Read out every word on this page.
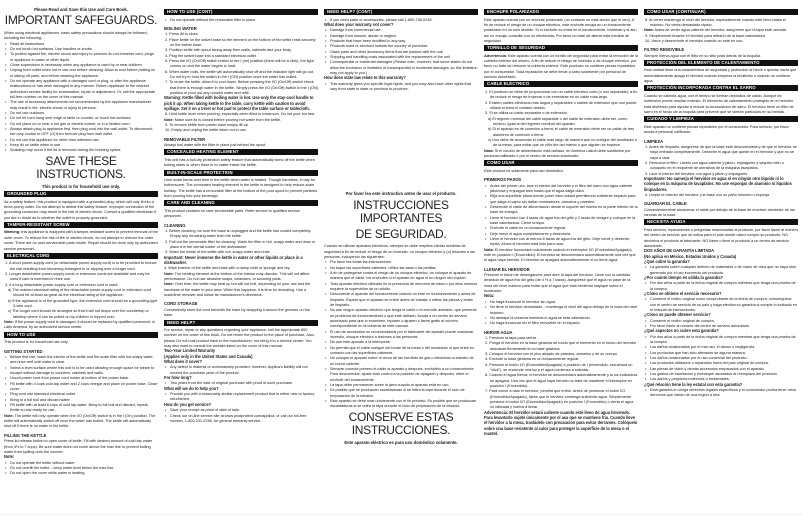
Please Read and Save this Use and Care Book.
IMPORTANT SAFEGUARDS.
When using electrical appliances, basic safety precautions should always be followed, including the following:
• Read all instructions.
• Do not touch hot surfaces. Use handles or knobs.
• To protect against fire, electric shock and injury to persons do not immerse cord, plugs or appliance in water or other liquid.
• Close supervision is necessary when any appliance is used by or near children.
• Unplug from outlet when not in use and before cleaning. Allow to cool before putting on or taking off parts, and before cleaning the appliance.
• Do not operate any appliance with a damaged cord or plug, or after the appliance malfunctions or has been damaged in any manner. Return appliance to the nearest authorized service facility for examination, repair or adjustment. Or, call the appropriate toll-free number on the cover of this manual.
• The use of accessory attachments not recommended by the appliance manufacturer may result in fire, electric shock or injury to persons.
• Do not use outdoors.
• Do not let cord hang over edge of table or counter, or touch hot surfaces.
• Do not place on or near a hot gas or electric burner, or in a heated oven.
• Always attach plug to appliance first, then plug cord into the wall outlet. To disconnect, turn any control to OFF (O) then remove plug from wall outlet.
• Do not use this appliance for other than intended use.
• Keep lid on kettle when in use.
• Scalding may occur if the lid is removed during the brewing cycles.
SAVE THESE INSTRUCTIONS.
This product is for household use only.
GROUNDED PLUG
As a safety feature, this product is equipped with a grounded plug, which will only fit into a three-prong outlet. Do not attempt to defeat this safety feature. Improper connection of the grounding conductor may result in the risk of electric shock. Consult a qualified electrician if you are in doubt as to whether the outlet is properly grounded.
TAMPER-RESISTANT SCREW
Warning: this appliance is equipped with a tamper-resistant screw to prevent removal of the outer cover. To reduce the risk of fire or electric shock, do not attempt to remove the outer cover. There are no user-serviceable parts inside. Repair should be done only by authorized service personnel.
ELECTRICAL CORD
1. A short power-supply cord (or detachable power-supply cord) is to be provided to reduce the risk resulting from becoming entangled in or tripping over a longer cord.
2. Longer detachable power-supply cords or extension cords are available and may be used if care is exercised in their use.
3. If a long detachable power-supply cord or extension cord is used:
a) The marked electrical rating of the detachable power-supply cord or extension cord should be at least as great as the electrical rating of the appliance.
b) If the appliance is of the grounded type, the extension cord should be a grounding-type 3-wire cord.
c) The longer cord should be arranged so that it will not drape over the countertop or tabletop where it can be pulled on by children or tripped over.
Note: If the power supply cord is damaged, it should be replaced by qualified personnel; in Latin America, by an authorized service center.
HOW TO USE
This product is for household use only.
GETTING STARTED
• Before first use, wash the interior of the kettle and the scale filter with hot soapy water and rinse well until water is clear.
• Select a level surface where this unit is to be used allowing enough space for steam to escape without damage to counters, cabinets and walls.
• Uncoil power cord from power cord holder at bottom of the power base.
• Fill kettle with 4 cups cold tap water and 2 cups vinegar and place on power base. Close cover.
• Plug cord into standard electrical outlet.
• Bring to a full boil and discard water.
• Fill kettle with at least 6 cups of cold tap water. Bring to full boil and discard; repeat. Kettle is now ready for use.
Note: The kettle will only operate when the I/O (On/Off) switch is in the I (On) position. The kettle will automatically switch off once the water has boiled. The kettle will automatically shut off if there is no water in the kettle.
FILLING THE KETTLE
Press lid release button to open cover of kettle. Fill with desired amount of cold tap water (from 4½ to 7 cups). Be sure water does not come above the max line to prevent boiling water from spilling onto the counter.
Note:
• Do not operate the kettle without water.
• Do not overfill the kettle – keep water level below the max line.
• Do not open the cover while water is heating.
HOW TO USE (CONT)
• Do not operate without the removable filter in place.
BOILING WATER
1. Press lid to close.
2. Place kettle on the swivel base so the element on the bottom of the kettle rests securely on the swivel base.
3. Position kettle with spout facing away from walls, cabinets and your body.
4. Plug the swivel base into a standard electrical outlet.
5. Press the I/O (On/Off) switch button to the I (on) position (there will be a click), the light comes on and the water begins to heat.
6. When water boils, the kettle will automatically shut off and the indicator light will go out. Do not try to hold the switch in the I (ON) position once the water has boiled.
7. To reuse the kettle, allow it to cool down. Before pressing the I/O (On/Off) switch check that there is enough water in the kettle. Simply press the I/O (On/Off) switch to the I (ON) position or pour out any unused water and refill.
Warning: Kettle filled with boiling water is hot. Use only the stay-cool handle to pick it up. When taking kettle to the table, carry kettle with caution to avoid spillage. Set it on a trivet or hot pad to protect the table surface or tablecloth.
8. Hold kettle level when pouring, especially when filled to maximum. Do not pour too fast.
Note: Make sure lid is closed before pouring hot water from the kettle.
9. To remove kettle from power base simply lift up.
10. Empty and unplug the kettle when not in use.
REMOVABLE FILTER
Always boil water with the filter in place just behind the spout.
CONCEALED HEATING ELEMENT
This unit has a boil-dry protection safety feature that automatically turns off the kettle when boiling starts or when there is no water inside the kettle.
BUILT-IN-SCALE PROTECTION
Lime scale forms over time in the kettle when water is heated. Though harmless, it may be bothersome. The concealed heating element in the kettle is designed to help reduce scale buildup. The kettle has a removable filter at the bottom of the pour spout to prevent particles from pouring into your beverage.
CARE AND CLEANING
This product contains no user serviceable parts. Refer service to qualified service personnel.
CLEANING
1. Before cleaning, be sure the base is unplugged and the kettle has cooled completely. Empty any remaining water from the kettle.
2. Pull out the removable filter for cleaning. Wash the filter in hot, soapy water and rinse or place it in the utensil holder of the dishwasher.
3. Wash the inside of the kettle with hot, soapy water and rinse.
Important: Never immerse the kettle in water or other liquids or place in a dishwasher.
4. Wipe exterior of the kettle and base with a damp cloth or sponge and dry.
Note: The heating element at the bottom of the interior may discolor. This will not affect performance. Do not use abrasive soaps, cleansers, or scouring pads.
Note: Over time, the kettle may heat up but will not boil, depending on your use and the hardness of the water in your area. When this happens, it is time for descaling. Use a scale/lime remover and follow its manufacturer's directions.
CORD STORAGE
Conveniently store the cord beneath the base by wrapping it around the grooves on the base.
NEED HELP?
For service, repair or any questions regarding your appliance, call the appropriate 800 number on the cover of this book. Do not return the product to the place of purchase. Also, please Do not mail product back to the manufacturer, nor bring it to a service center. You may also want to consult the website listed on the cover of this manual.
Two-Year Limited Warranty
(Applies only in the United States and Canada)
What does it cover?
• Any defect in material or workmanship provided; however, Applica's liability will not exceed the purchase price of the product.
For how long?
• Two years from the date of original purchase with proof of such purchase.
What will we do to help you?
• Provide you with a reasonably similar replacement product that is either new or factory refurbished.
How do you get service?
• Save your receipt as proof of date of sale.
• Check our on-line service site at www.prodprotect.com/applica, or call our toll-free number, 1-800-231-9786, for general warranty service.
NEED HELP? (CONT)
• If you need parts or accessories, please call 1-800-738-0245.
What does your warranty not cover?
• Damage from commercial use
• Damage from misuse, abuse or neglect
• Products that have been modified in any way
• Products used or serviced outside the country of purchase
• Glass parts and other accessory items that are packed with the unit
• Shipping and handling costs associated with the replacement of the unit
• Consequential or incidental damages (Please note, however, that some states do not allow the exclusion or limitation of consequential or incidental damages, so this limitation may not apply to you.)
How does state law relate to this warranty?
• This warranty gives you specific legal rights, and you may also have other rights that vary from state to state or province to province.
Por favor lea este instructivo antes de usar el producto.
INSTRUCCIONES IMPORTANTES
DE SEGURIDAD.
Cuando se utilizan aparatos eléctricos, siempre se debe respetar ciertas medidas de seguridad a fin de reducir el riesgo de un incendio, un choque eléctrico y (o) lesiones a las personas, incluyendo las siguientes:
• Por favor lea todas las instrucciones.
• No toque las superficies calientes. Utilice las asas o las perillas.
• A fin de protegerse contra el riesgo de un choque eléctrico, no coloque el aparato de manera que el cable, los enchufes ni el aparato en agua ni en ningún otro líquido.
• Todo aparato eléctrico utilizado en la presencia de menores de edad o por ellos mismos requiere la supervisión de un adulto.
• Desconecte el aparato del tomacorriente cuando no esté en funcionamiento y antes de limpiarlo. Espere que el aparato se enfríe antes de instalar o retirar las piezas y antes de limpiarlo.
• No use ningún aparato eléctrico que tenga el cable o el enchufe averiado, que presente un problema de funcionamiento o que esté dañado. Acuda a un centro de servicio autorizado para que lo examinen, reparen o ajusten o llame gratis al número correspondiente en la cubierta de este manual.
• El uso de accesorios no recomendados por el fabricante del aparato puede ocasionar incendio, choque eléctrico o lesiones a las personas.
• No use este aparato a la intemperie.
• No permita que el cable cuelgue del borde de la mesa o del mostrador ni que entre en contacto con las superficies calientes.
• No coloque el aparato sobre ni cerca de las hornillas de gas o eléctricas ni adentro de un horno caliente.
• Siempre conecte primero el cable al aparato y después, enchúfelo a un tomacorriente. Para desconectar, ajuste todo control a la posición de apagado y después, retire el enchufe del tomacorriente.
• La tapa debe permanecer sobre la jarra cuando el aparato está en uso.
• Es posible que se produzcan escaldaduras si se retira la tapa durante el ciclo de preparación de la infusión.
• Este aparato se debe usar únicamente con el fin previsto. Es posible que se produzcan escaldaduras si se retira la tapa durante el ciclo de preparación de la infusión.
CONSERVE ESTAS INSTRUCCIONES.
Este aparato eléctrico es para uso doméstico solamente.
ENCHUFE POLARIZADO
Este aparato cuenta con un enchufe polarizado (un contacto es más ancho que el otro). A fin de reducir el riesgo de un choque eléctrico, este enchufe encaja en un tomacorriente polarizado en un solo sentido. Si el enchufe no entra en el tomacorriente, inviértalo y si aun así no encaja, consulte con un electricista. Por favor no trate de alterar esta medida de seguridad.
TORNILLO DE SEGURIDAD
Advertencia: Este aparato cuenta con un tornillo de seguridad para evitar la remoción de la cubierta exterior del mismo. A fin de reducir el riesgo de incendio o de choque eléctrico, por favor no trate de remover la cubierta exterior. Este producto no contiene piezas reparables por el consumidor. Toda reparación se debe llevar a cabo solamente por personal de servicio autorizado.
CABLE ELÉCTRICO
1. El producto se debe de proporcionar con un cable eléctrico corto (o uno separable), a fin de reducir el riesgo de tropezar o de enredarse en un cable más largo.
2. Existen cables eléctricos más largos y separables o cables de extensión que uno puede utilizar si toma el cuidado debido.
3. Si se utiliza un cable separable o de extensión,
a) El régimen nominal del cable separable o del cable de extensión debe ser, como mínimo, igual al del régimen nominal del aparato.
b) Si el aparato es de conexión a tierra, el cable de extensión debe ser un cable de tres alambres de conexión a tierra.
c) Uno debe de acomodar el cable más largo de manera que no cuelgue del mostrador o de la mesa, para evitar que un niño tire del mismo o que alguien se tropiece.
Nota: Si el cordón de alimentación está dañado, en América Latina debe sustituirse por personal calificado o por el centro de servicio autorizado.
COMO USAR
Este product es solamente para uso doméstico.
PRIMEROS PASOS
• Antes del primer uso, lave el interior del hervidor y el filtro del sarro con agua caliente jabonosa y enjuague bien hasta que el agua salga clara.
• Elija una superficie plana donde poner esta unidad permitiendo suficiente espacio para que salga el vapor sin dañar mostradores, armarios y paredes.
• Desenrolle el cable de alimentación desde el soporte del mismo en la parte inferior de la base de energía.
• Llene el hervidor con 4 tazas de agua fría del grifo y 2 tazas de vinagre y colóque en la base calentadora. Cierre la tapa.
• Enchufe el cable en un tomacorriente regular.
• Deje hervir el agua completamente y deséchela.
• Llene el hervidor con al menos 6 tazas de agua fría del grifo. Deje hervir y deseche; repita. Ahora el hervidor está listo para usar.
Nota: El hervidor funcionará únicamente cuando el interruptor I/O (Encendido/Apagado) esté en posición I (Encendido). El hervidor se desconectará automáticamente una vez que el agua haya hervido. El hervidor se apagará automáticamente si no tiene agua.
LLENAR EL HERVIDOR
Presione el botón de desenganche para abrir la tapa del hervidor. Llene con la cantidad deseada de agua fría del grifo (de 4 ½ a 7 tazas). Asegúrese que el agua no pase de la línea del nivel máximo para evitar que el agua que está hirviendo salpique sobre el mostrador.
Nota:
• No haga funcionar el hervidor sin agua.
• No llene el hervidor demasiado – mantenga el nivel del agua debajo de la línea del nivel máximo.
• No destape la cubierta mientras el agua se está calentando.
• No haga funcionar sin el filtro removible en el espacio.
HERVIR AGUA
1. Presione la tapa para cerrar.
2. Ponga el hervidor en la base giratoria de modo que el elemento en el fondo del hervidor descanse firmemente en la base giratoria.
3. Coloque el hervidor con el pico alejado de paredes, armarios y de su cuerpo.
4. Enchufe la base giratoria en un tomacorriente regular.
5. Presione el botón I/O (Encendido/Apagado) a posición de I (encendido; escuchará un "click"), se enciende una luz y el agua comienza a calentar.
6. Cuando el agua hierva, el hervidor se desconectará automáticamente y la luz indicadora se apagará. Una vez que el agua haya hervido no trate de mantener el interruptor en posición I (Encendido).
7. Para volver a usar el hervidor, permita que enfríe. Antes de presionar el botón I/O (Encendido/Apagado), fíjese que el hervidor contenga suficiente agua. Simplemente presione el botón I/O (Encendido/Apagado) en posición I (Encendido) o vierta el agua no utilizada y vuelva a llenar.
Advertencia: El hervidor estará caliente cuando esté lleno de agua hirviendo. Para levantarlo sujete únicamente por el asa que se mantiene fría. Cuando lleve el hervidor a la mesa, trasládelo con precaución para evitar derrames. Colóquelo sobre una base resistente al calor para proteger la superficie de la mesa o el mantel.
COMO USAR (CONTINUAR)
8. Al verter mantenga el nivel del hervidor, especialmente cuando esté lleno hasta el máximo. No vierta demasiado rápido.
Nota: Antes de verter agua caliente del hervidor, asegúrese que la tapa esté cerrada.
9. Simplemente levante el hervidor para retirarlo de la base calentadora.
10. Vacíe y desenchufe el hervidor cuando no esté en uso.
FILTRO REMOVIBLE
Siempre hierva agua con el filtro en su sitio justo detrás de la boquilla.
PROTECCIÓN DEL ELEMENTO DE CALENTAMIENTO
Esta unidad tiene una característica de seguridad y protección al hervir o quedar vacía que automáticamente apaga el hervidor cuando empieza la ebullición o cuando no contiene agua.
PROTECCIÓN INCORPORADA CONTRA EL SARRO
Cuando se calienta agua, con el tiempo se forman depósitos de calcio. Aunque es inofensivo puede resultar molesto. El elemento de calentamiento protegido en el hervidor está diseñado para ayudar a reducir la acumulación de sarro. El hervidor tiene un filtro de sarro en el fondo de la boquilla para prevenir que se viertan partículas en su bebida.
CUIDADO Y LIMPIEZA
Este aparato no contiene piezas reparables por el consumidor. Para servicio, por favor acuda a personal calificado.
LIMPIEZA
1. Antes de limpiarlo, asegúrese de que la base esté desconectada y de que el hervidor se haya enfriado completamente. Deseche el agua que quede en el hervidor y que no se vaya a usar.
2. Remueva el filtro. Lávelo con agua caliente y jabón, enjuáguelo y séquelo bien o colóquelo en el recipiente de utensilios de la máquina lavaplatos.
3. Lave el interior del hervidor con agua y jabón y enjuáguelo.
Importante: No sumerja el hervidor en agua ni en ningún otro líquido ni lo coloque en la máquina de lavaplatos. No use esponjas de aluminio ni líquidos limpiadores.
4. Limpie el exterior del hervidor y la base con un paño húmedo o esponja.
GUARDAR EL CABLE
Convenientemente almacenar el cable por debajo de la base de envolver alrededor de las ranuras de la base.
NECESITA AYUDA
Para servicio, reparaciones o preguntas relacionadas al producto, por favor llame al número del centro de servicio que se indica para el país donde usted compró su producto. NO devuelva el producto al fabricante. NO llame o lleve el producto a un centro de servicio autorizado.
DOS AÑOS DE GARANTÍA LIMITADA
(No aplica en México, Estados Unidos y Canada)
¿Qué cubre la garantía?
• La garantía cubre cualquier defecto de materiales o de mano de obra que no haya sido generado por el uso incorrecto del producto.
¿Por cuánto tiempo es válida la garantía?
• Por dos años a partir de la fecha original de compra mientras que tenga una prueba de la compra.
¿Cómo se obtiene el servicio necesario?
• Conserve el recibo original como comprobante de la fecha de compra, comuníquese con el centro de servicio de su país y haga efectiva su garantía si cumple lo indicado en el manual de instrucciones.
¿Cómo se puede obtener servicio?
• Conserve el recibo original de compra.
• Por favor llame al número del centro de servicio autorizado.
¿Qué aspectos no cubre esta garantía?
• Por dos años a partir de la fecha original de compra mientras que tenga una prueba de la compra.
• Los daños ocasionados por el mal uso, el abuso o negligencia.
• Los productos que han sido alterados de alguna manera.
• Los daños ocasionados por el uso comercial del producto.
• Los productos utilizados o reparados fuera del país original de compra.
• Las piezas de vidrio y demás accesorios empacados con el aparato.
• Los gastos de tramitación y embarque asociados al reemplazo del producto.
• Los daños y perjuicios indirectos o incidentales.
¿Qué relación tiene la ley estatal con esta garantía?
• Esta garantía le otorga derechos legales específicos y el consumidor podría tener otros derechos que varían de una región a otra.
